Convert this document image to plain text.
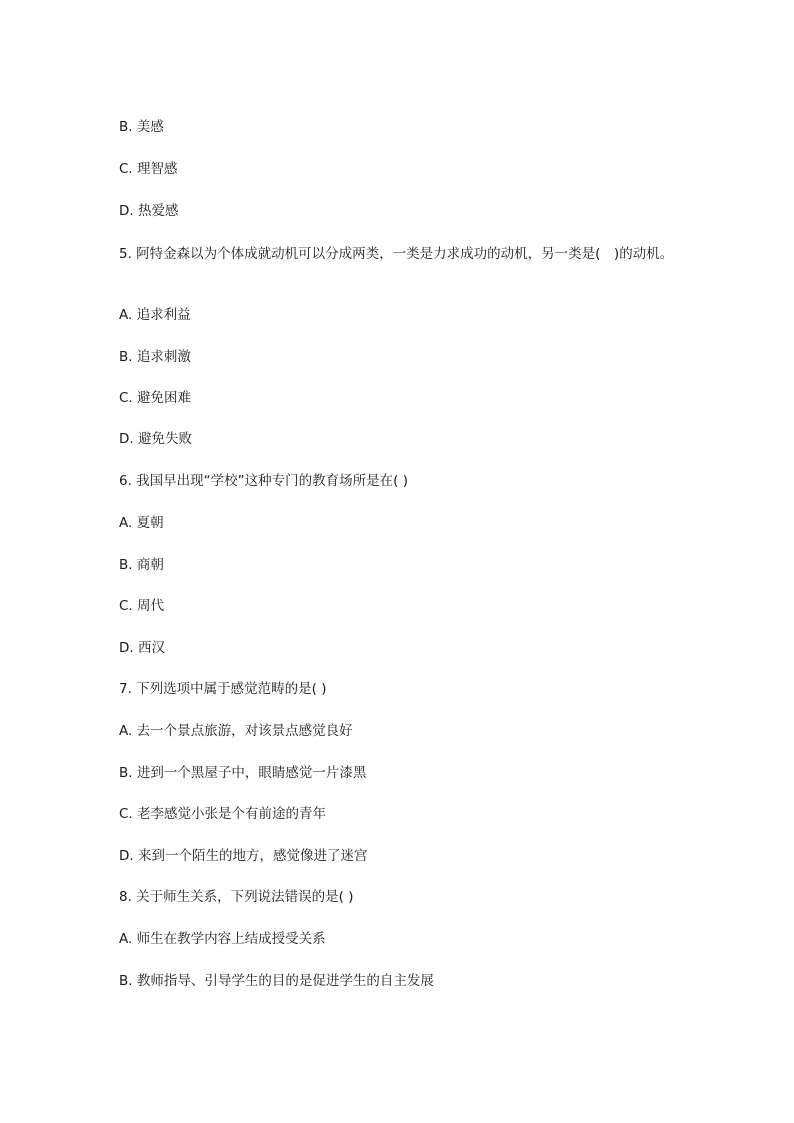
B. 美感
C. 理智感
D. 热爱感
5. 阿特金森以为个体成就动机可以分成两类，一类是力求成功的动机，另一类是(　)的动机。
A. 追求利益
B. 追求刺激
C. 避免困难
D. 避免失败
6. 我国早出现“学校”这种专门的教育场所是在( )
A. 夏朝
B. 商朝
C. 周代
D. 西汉
7. 下列选项中属于感觉范畴的是( )
A. 去一个景点旅游，对该景点感觉良好
B. 进到一个黑屋子中，眼睛感觉一片漆黑
C. 老李感觉小张是个有前途的青年
D. 来到一个陌生的地方，感觉像进了迷宫
8. 关于师生关系，下列说法错误的是( )
A. 师生在教学内容上结成授受关系
B. 教师指导、引导学生的目的是促进学生的自主发展
